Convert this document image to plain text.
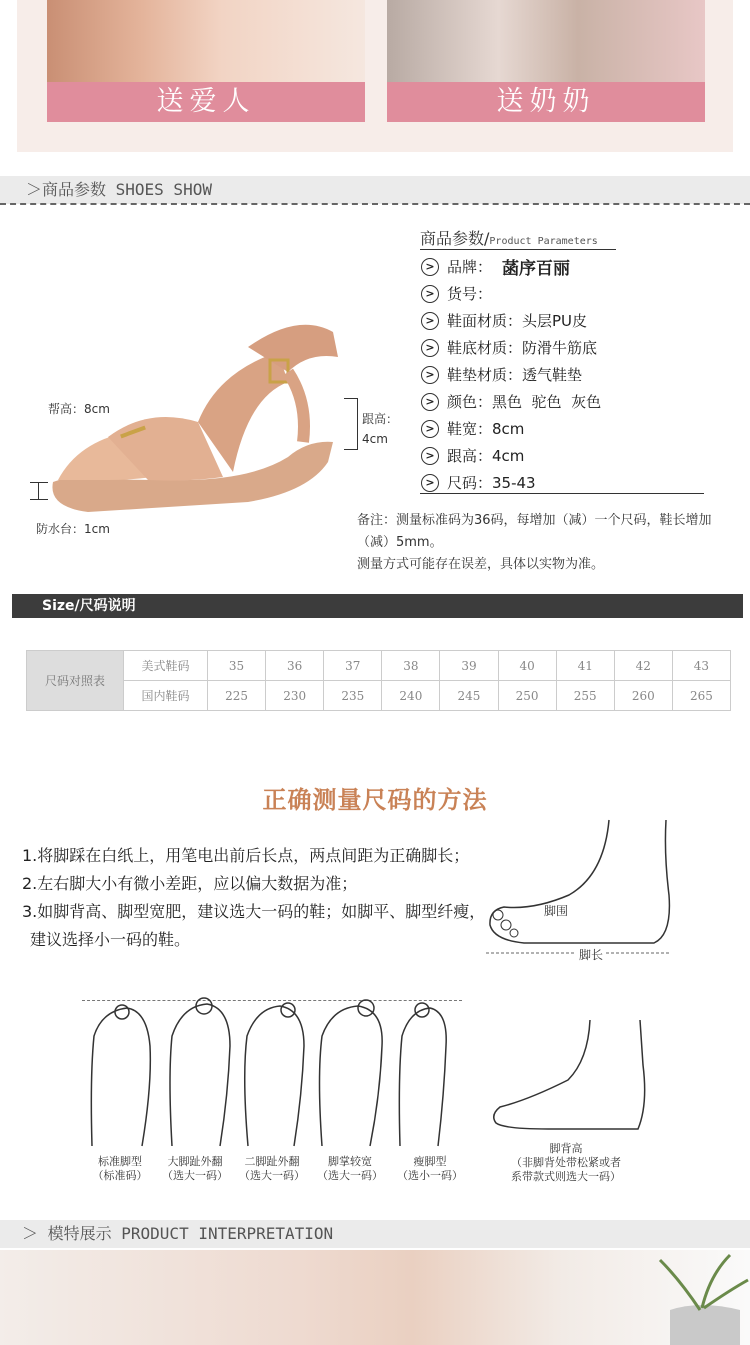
送爱人	送奶奶
＞商品参数 SHOES SHOW
帮高：8cm
跟高：
4cm
防水台：1cm
商品参数/Product Parameters
> 品牌： 菡序百丽
> 货号：
> 鞋面材质： 头层PU皮
> 鞋底材质： 防滑牛筋底
> 鞋垫材质： 透气鞋垫
> 颜色： 黑色  驼色  灰色
> 鞋宽： 8cm
> 跟高： 4cm
> 尺码： 35-43
备注：测量标准码为36码，每增加（减）一个尺码，鞋长增加（减）5mm。
测量方式可能存在误差，具体以实物为准。
Size/尺码说明
尺码对照表	美式鞋码	35	36	37	38	39	40	41	42	43
	国内鞋码	225	230	235	240	245	250	255	260	265
正确测量尺码的方法
1.将脚踩在白纸上，用笔电出前后长点，两点间距为正确脚长；
2.左右脚大小有微小差距，应以偏大数据为准；
3.如脚背高、脚型宽肥，建议选大一码的鞋；如脚平、脚型纤瘦，
建议选择小一码的鞋。
脚围
脚长
标准脚型
（标准码）
大脚趾外翻
（选大一码）
二脚趾外翻
（选大一码）
脚掌较宽
（选大一码）
瘦脚型
（选小一码）
脚背高
（非脚背处带松紧或者
系带款式则选大一码）
＞ 模特展示 PRODUCT INTERPRETATION
